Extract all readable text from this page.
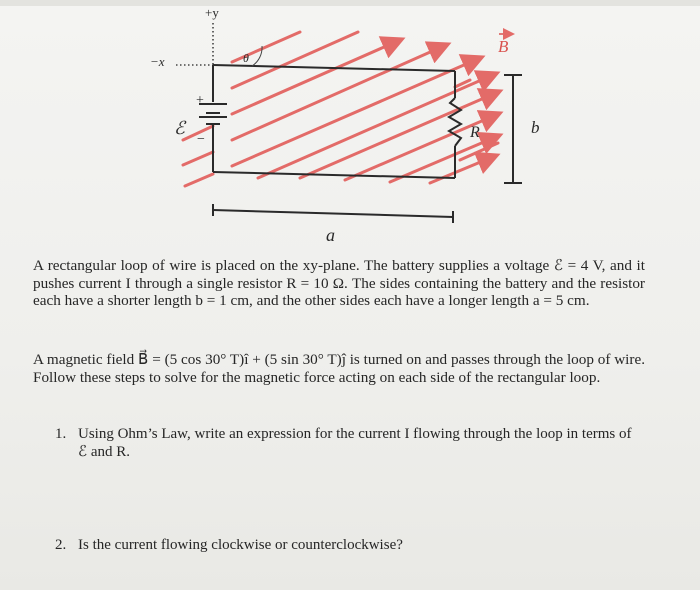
+y
−x	θ
B
ℰ
+
−	R	b
a
A rectangular loop of wire is placed on the xy-plane. The battery supplies a voltage ℰ = 4 V, and it pushes current I through a single resistor R = 10 Ω. The sides containing the battery and the resistor each have a shorter length b = 1 cm, and the other sides each have a longer length a = 5 cm.
A magnetic field B⃗ = (5 cos 30° T)î + (5 sin 30° T)ĵ is turned on and passes through the loop of wire. Follow these steps to solve for the magnetic force acting on each side of the rectangular loop.
1. Using Ohm’s Law, write an expression for the current I flowing through the loop in terms of ℰ and R.
2. Is the current flowing clockwise or counterclockwise?
